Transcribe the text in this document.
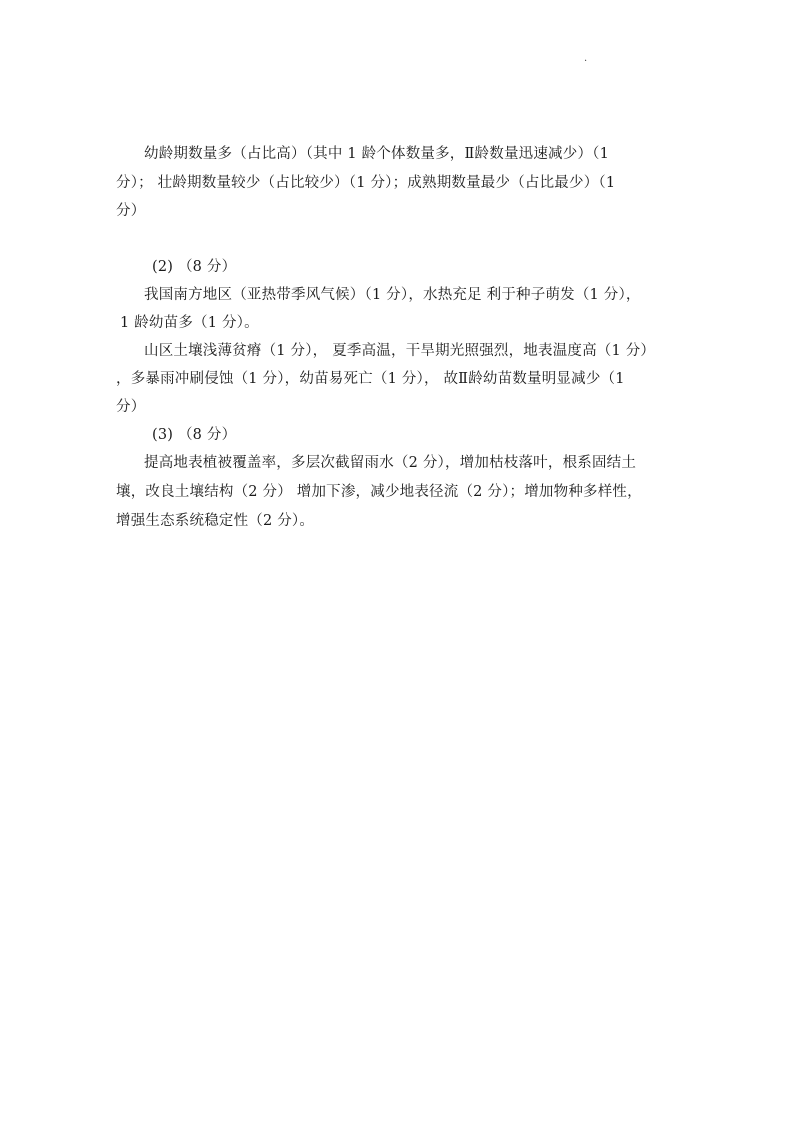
.
幼龄期数量多（占比高）（其中 1 龄个体数量多，Ⅱ龄数量迅速减少）（1
分）； 壮龄期数量较少（占比较少）（1 分）；成熟期数量最少（占比最少）（1
分）
(2) （8 分）
我国南方地区（亚热带季风气候）（1 分），水热充足 利于种子萌发（1 分），
1 龄幼苗多（1 分）。
山区土壤浅薄贫瘠（1 分）， 夏季高温，干旱期光照强烈，地表温度高（1 分）
，多暴雨冲刷侵蚀（1 分），幼苗易死亡（1 分）， 故Ⅱ龄幼苗数量明显减少（1
分）
(3) （8 分）
提高地表植被覆盖率，多层次截留雨水（2 分），增加枯枝落叶，根系固结土
壤，改良土壤结构（2 分） 增加下渗，减少地表径流（2 分）；增加物种多样性，
增强生态系统稳定性（2 分）。
